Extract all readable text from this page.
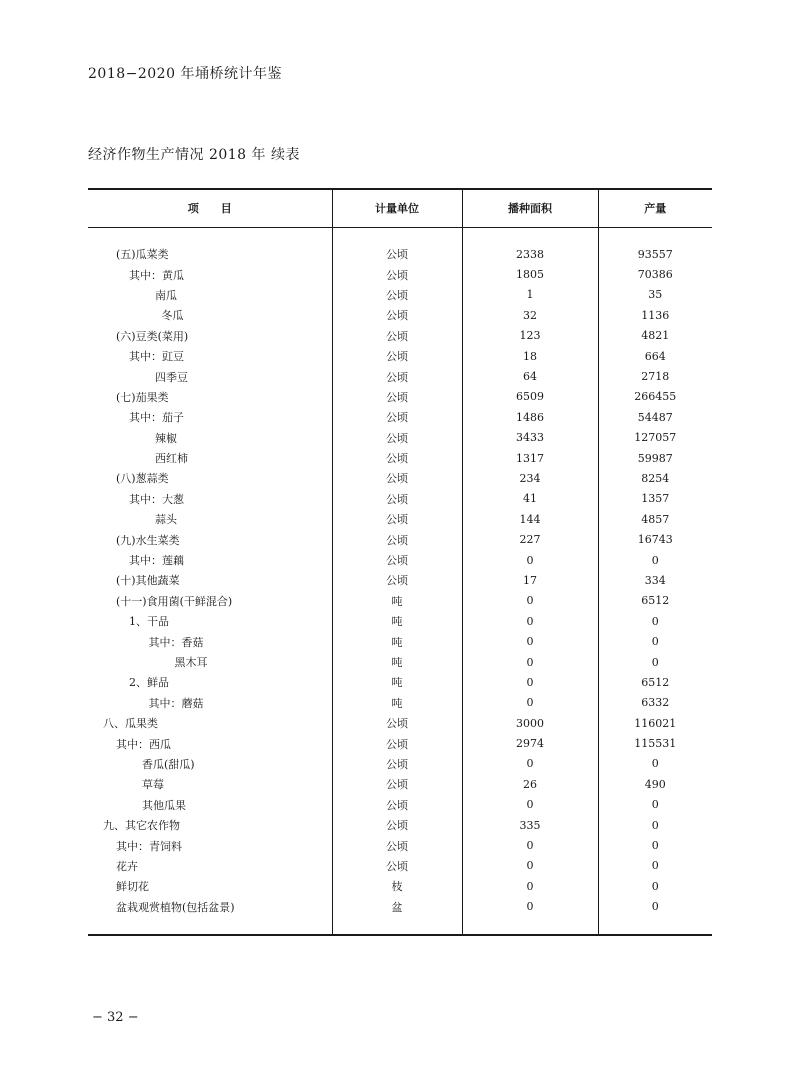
2018−2020 年埇桥统计年鉴
经济作物生产情况 2018 年 续表
项　　目	计量单位	播种面积	产量

(五)瓜菜类	公顷	2338	93557
其中：黄瓜	公顷	1805	70386
南瓜	公顷	1	35
冬瓜	公顷	32	1136
(六)豆类(菜用)	公顷	123	4821
其中：豇豆	公顷	18	664
四季豆	公顷	64	2718
(七)茄果类	公顷	6509	266455
其中：茄子	公顷	1486	54487
辣椒	公顷	3433	127057
西红柿	公顷	1317	59987
(八)葱蒜类	公顷	234	8254
其中：大葱	公顷	41	1357
蒜头	公顷	144	4857
(九)水生菜类	公顷	227	16743
其中：莲藕	公顷	0	0
(十)其他蔬菜	公顷	17	334
(十一)食用菌(干鲜混合)	吨	0	6512
1、干品	吨	0	0
其中：香菇	吨	0	0
黑木耳	吨	0	0
2、鲜品	吨	0	6512
其中：蘑菇	吨	0	6332
八、瓜果类	公顷	3000	116021
其中：西瓜	公顷	2974	115531
香瓜(甜瓜)	公顷	0	0
草莓	公顷	26	490
其他瓜果	公顷	0	0
九、其它农作物	公顷	335	0
其中：青饲料	公顷	0	0
花卉	公顷	0	0
鲜切花	枝	0	0
盆栽观赏植物(包括盆景)	盆	0	0

− 32 −
